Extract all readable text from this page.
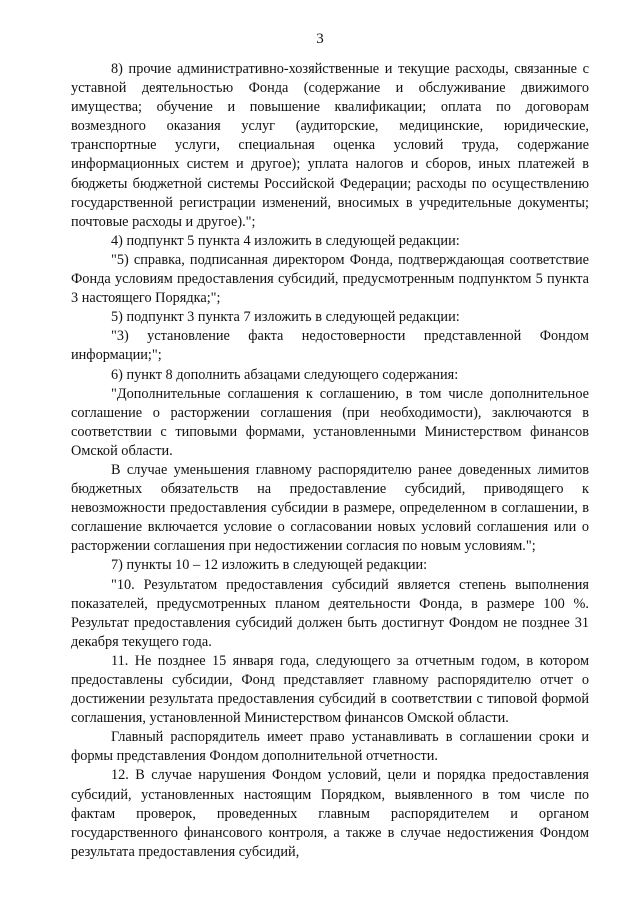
3

8) прочие административно-хозяйственные и текущие расходы, связанные с уставной деятельностью Фонда (содержание и обслуживание движимого имущества; обучение и повышение квалификации; оплата по договорам возмездного оказания услуг (аудиторские, медицинские, юридические, транспортные услуги, специальная оценка условий труда, содержание информационных систем и другое); уплата налогов и сборов, иных платежей в бюджеты бюджетной системы Российской Федерации; расходы по осуществлению государственной регистрации изменений, вносимых в учредительные документы; почтовые расходы и другое).";

4) подпункт 5 пункта 4 изложить в следующей редакции:

"5) справка, подписанная директором Фонда, подтверждающая соответствие Фонда условиям предоставления субсидий, предусмотренным подпунктом 5 пункта 3 настоящего Порядка;";

5) подпункт 3 пункта 7 изложить в следующей редакции:

"3) установление факта недостоверности представленной Фондом информации;";

6) пункт 8 дополнить абзацами следующего содержания:

"Дополнительные соглашения к соглашению, в том числе дополнительное соглашение о расторжении соглашения (при необходимости), заключаются в соответствии с типовыми формами, установленными Министерством финансов Омской области.

В случае уменьшения главному распорядителю ранее доведенных лимитов бюджетных обязательств на предоставление субсидий, приводящего к невозможности предоставления субсидии в размере, определенном в соглашении, в соглашение включается условие о согласовании новых условий соглашения или о расторжении соглашения при недостижении согласия по новым условиям.";

7) пункты 10 – 12 изложить в следующей редакции:

"10. Результатом предоставления субсидий является степень выполнения показателей, предусмотренных планом деятельности Фонда, в размере 100 %. Результат предоставления субсидий должен быть достигнут Фондом не позднее 31 декабря текущего года.

11. Не позднее 15 января года, следующего за отчетным годом, в котором предоставлены субсидии, Фонд представляет главному распорядителю отчет о достижении результата предоставления субсидий в соответствии с типовой формой соглашения, установленной Министерством финансов Омской области.

Главный распорядитель имеет право устанавливать в соглашении сроки и формы представления Фондом дополнительной отчетности.

12. В случае нарушения Фондом условий, цели и порядка предоставления субсидий, установленных настоящим Порядком, выявленного в том числе по фактам проверок, проведенных главным распорядителем и органом государственного финансового контроля, а также в случае недостижения Фондом результата предоставления субсидий,
